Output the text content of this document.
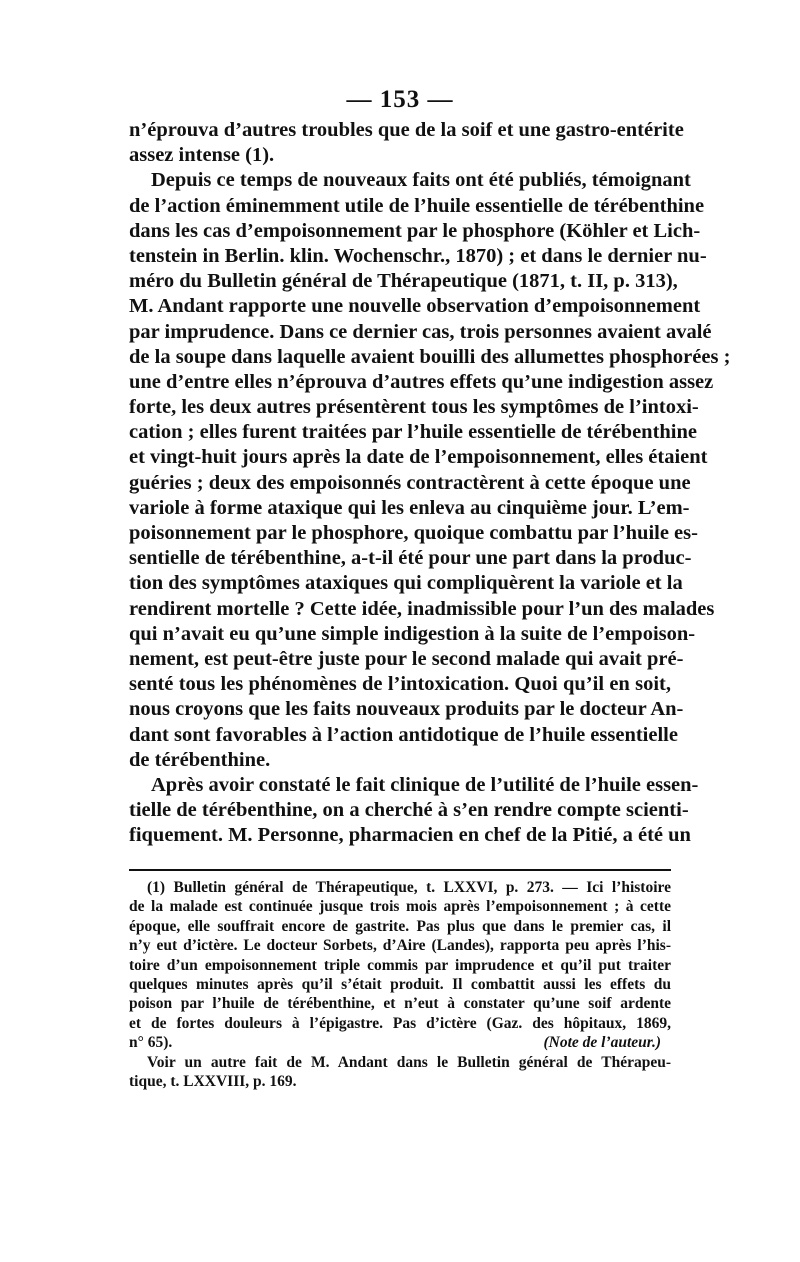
— 153 —
n’éprouva d’autres troubles que de la soif et une gastro-entérite
assez intense (1).
Depuis ce temps de nouveaux faits ont été publiés, témoignant
de l’action éminemment utile de l’huile essentielle de térébenthine
dans les cas d’empoisonnement par le phosphore (Köhler et Lich-
tenstein in Berlin. klin. Wochenschr., 1870) ; et dans le dernier nu-
méro du Bulletin général de Thérapeutique (1871, t. II, p. 313),
M. Andant rapporte une nouvelle observation d’empoisonnement
par imprudence. Dans ce dernier cas, trois personnes avaient avalé
de la soupe dans laquelle avaient bouilli des allumettes phosphorées ;
une d’entre elles n’éprouva d’autres effets qu’une indigestion assez
forte, les deux autres présentèrent tous les symptômes de l’intoxi-
cation ; elles furent traitées par l’huile essentielle de térébenthine
et vingt-huit jours après la date de l’empoisonnement, elles étaient
guéries ; deux des empoisonnés contractèrent à cette époque une
variole à forme ataxique qui les enleva au cinquième jour. L’em-
poisonnement par le phosphore, quoique combattu par l’huile es-
sentielle de térébenthine, a-t-il été pour une part dans la produc-
tion des symptômes ataxiques qui compliquèrent la variole et la
rendirent mortelle ? Cette idée, inadmissible pour l’un des malades
qui n’avait eu qu’une simple indigestion à la suite de l’empoison-
nement, est peut-être juste pour le second malade qui avait pré-
senté tous les phénomènes de l’intoxication. Quoi qu’il en soit,
nous croyons que les faits nouveaux produits par le docteur An-
dant sont favorables à l’action antidotique de l’huile essentielle
de térébenthine.
Après avoir constaté le fait clinique de l’utilité de l’huile essen-
tielle de térébenthine, on a cherché à s’en rendre compte scienti-
fiquement. M. Personne, pharmacien en chef de la Pitié, a été un
(1) Bulletin général de Thérapeutique, t. LXXVI, p. 273. — Ici l’histoire
de la malade est continuée jusque trois mois après l’empoisonnement ; à cette
époque, elle souffrait encore de gastrite. Pas plus que dans le premier cas, il
n’y eut d’ictère. Le docteur Sorbets, d’Aire (Landes), rapporta peu après l’his-
toire d’un empoisonnement triple commis par imprudence et qu’il put traiter
quelques minutes après qu’il s’était produit. Il combattit aussi les effets du
poison par l’huile de térébenthine, et n’eut à constater qu’une soif ardente
et de fortes douleurs à l’épigastre. Pas d’ictère (Gaz. des hôpitaux, 1869,
n° 65).	(Note de l’auteur.)
Voir un autre fait de M. Andant dans le Bulletin général de Thérapeu-
tique, t. LXXVIII, p. 169.
